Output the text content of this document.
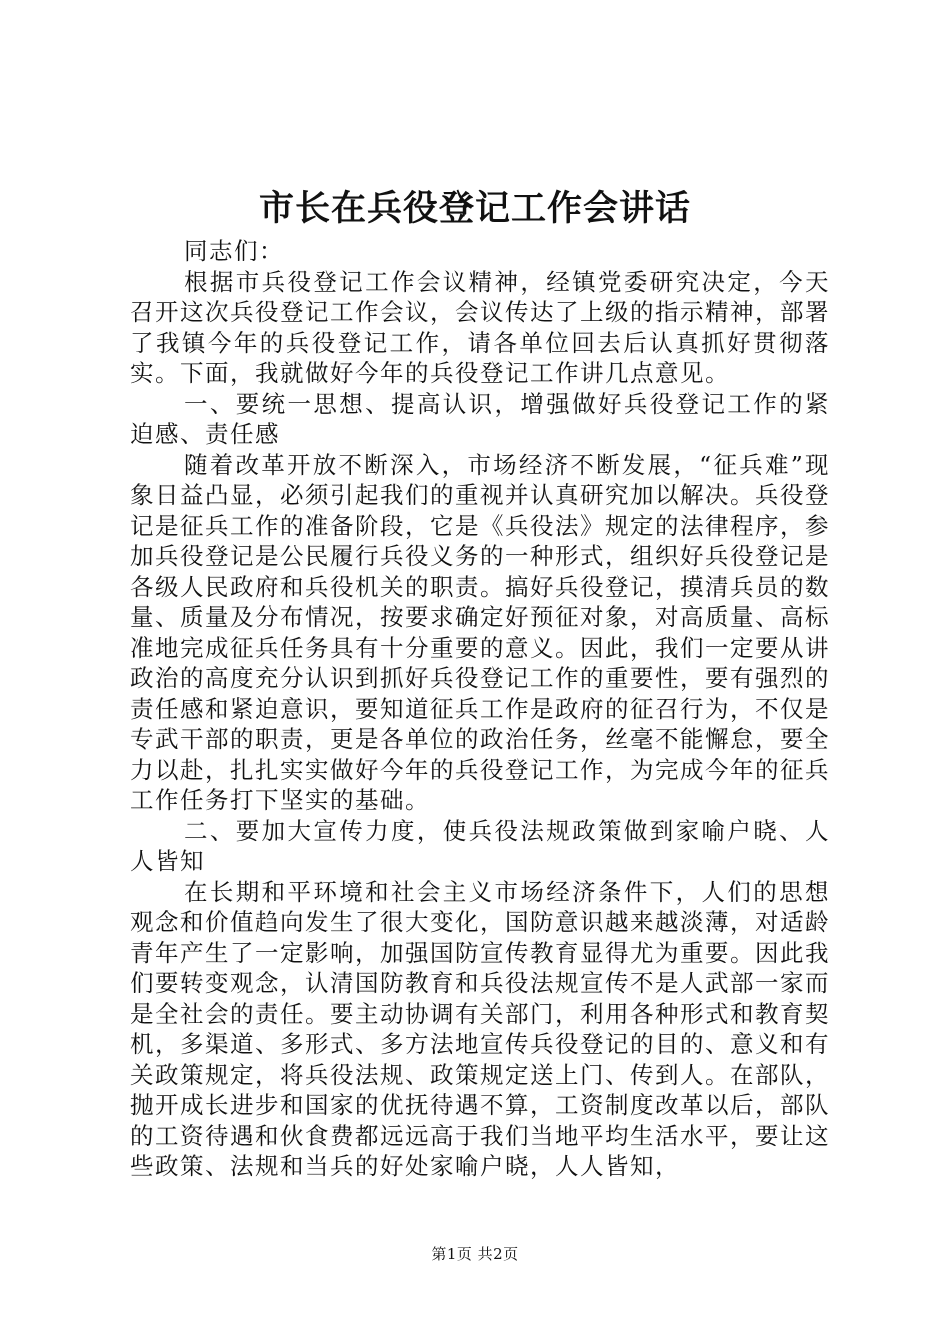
市长在兵役登记工作会讲话

同志们：

根据市兵役登记工作会议精神，经镇党委研究决定，今天召开这次兵役登记工作会议，会议传达了上级的指示精神，部署了我镇今年的兵役登记工作，请各单位回去后认真抓好贯彻落实。下面，我就做好今年的兵役登记工作讲几点意见。

一、要统一思想、提高认识，增强做好兵役登记工作的紧迫感、责任感

随着改革开放不断深入，市场经济不断发展，“征兵难”现象日益凸显，必须引起我们的重视并认真研究加以解决。兵役登记是征兵工作的准备阶段，它是《兵役法》规定的法律程序，参加兵役登记是公民履行兵役义务的一种形式，组织好兵役登记是各级人民政府和兵役机关的职责。搞好兵役登记，摸清兵员的数量、质量及分布情况，按要求确定好预征对象，对高质量、高标准地完成征兵任务具有十分重要的意义。因此，我们一定要从讲政治的高度充分认识到抓好兵役登记工作的重要性，要有强烈的责任感和紧迫意识，要知道征兵工作是政府的征召行为，不仅是专武干部的职责，更是各单位的政治任务，丝毫不能懈怠，要全力以赴，扎扎实实做好今年的兵役登记工作，为完成今年的征兵工作任务打下坚实的基础。

二、要加大宣传力度，使兵役法规政策做到家喻户晓、人人皆知

在长期和平环境和社会主义市场经济条件下，人们的思想观念和价值趋向发生了很大变化，国防意识越来越淡薄，对适龄青年产生了一定影响，加强国防宣传教育显得尤为重要。因此我们要转变观念，认清国防教育和兵役法规宣传不是人武部一家而是全社会的责任。要主动协调有关部门，利用各种形式和教育契机，多渠道、多形式、多方法地宣传兵役登记的目的、意义和有关政策规定，将兵役法规、政策规定送上门、传到人。在部队，抛开成长进步和国家的优抚待遇不算，工资制度改革以后，部队的工资待遇和伙食费都远远高于我们当地平均生活水平，要让这些政策、法规和当兵的好处家喻户晓，人人皆知，

第1页 共2页
